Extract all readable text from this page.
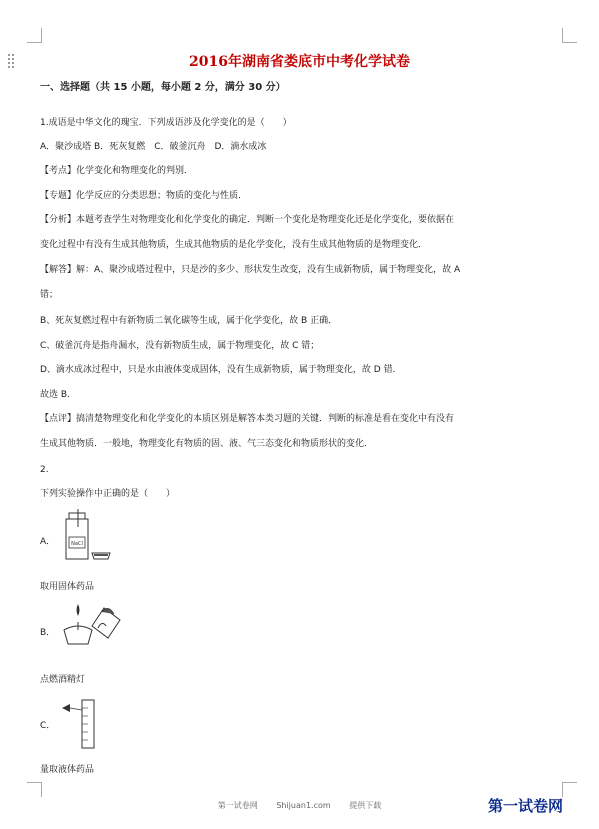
2016年湖南省娄底市中考化学试卷
一、选择题（共 15 小题，每小题 2 分，满分 30 分）
1.成语是中华文化的瑰宝．下列成语涉及化学变化的是（　　）
A．聚沙成塔 B．死灰复燃　C．破釜沉舟　D．滴水成冰
【考点】化学变化和物理变化的判别．
【专题】化学反应的分类思想；物质的变化与性质．
【分析】本题考查学生对物理变化和化学变化的确定．判断一个变化是物理变化还是化学变化，要依据在
变化过程中有没有生成其他物质，生成其他物质的是化学变化，没有生成其他物质的是物理变化．
【解答】解：A、聚沙成塔过程中，只是沙的多少、形状发生改变，没有生成新物质，属于物理变化，故 A
错；
B、死灰复燃过程中有新物质二氧化碳等生成，属于化学变化，故 B 正确．
C、破釜沉舟是指舟漏水，没有新物质生成，属于物理变化，故 C 错；
D、滴水成冰过程中，只是水由液体变成固体，没有生成新物质，属于物理变化，故 D 错．
故选 B．
【点评】搞清楚物理变化和化学变化的本质区别是解答本类习题的关键．判断的标准是看在变化中有没有
生成其他物质．一般地，物理变化有物质的固、液、气三态变化和物质形状的变化．
2.
下列实验操作中正确的是（　　）
A．	NaCl
取用固体药品
B．
点燃酒精灯
C．
量取液体药品
第一试卷网 Shijuan1.com 提供下载	第一试卷网
